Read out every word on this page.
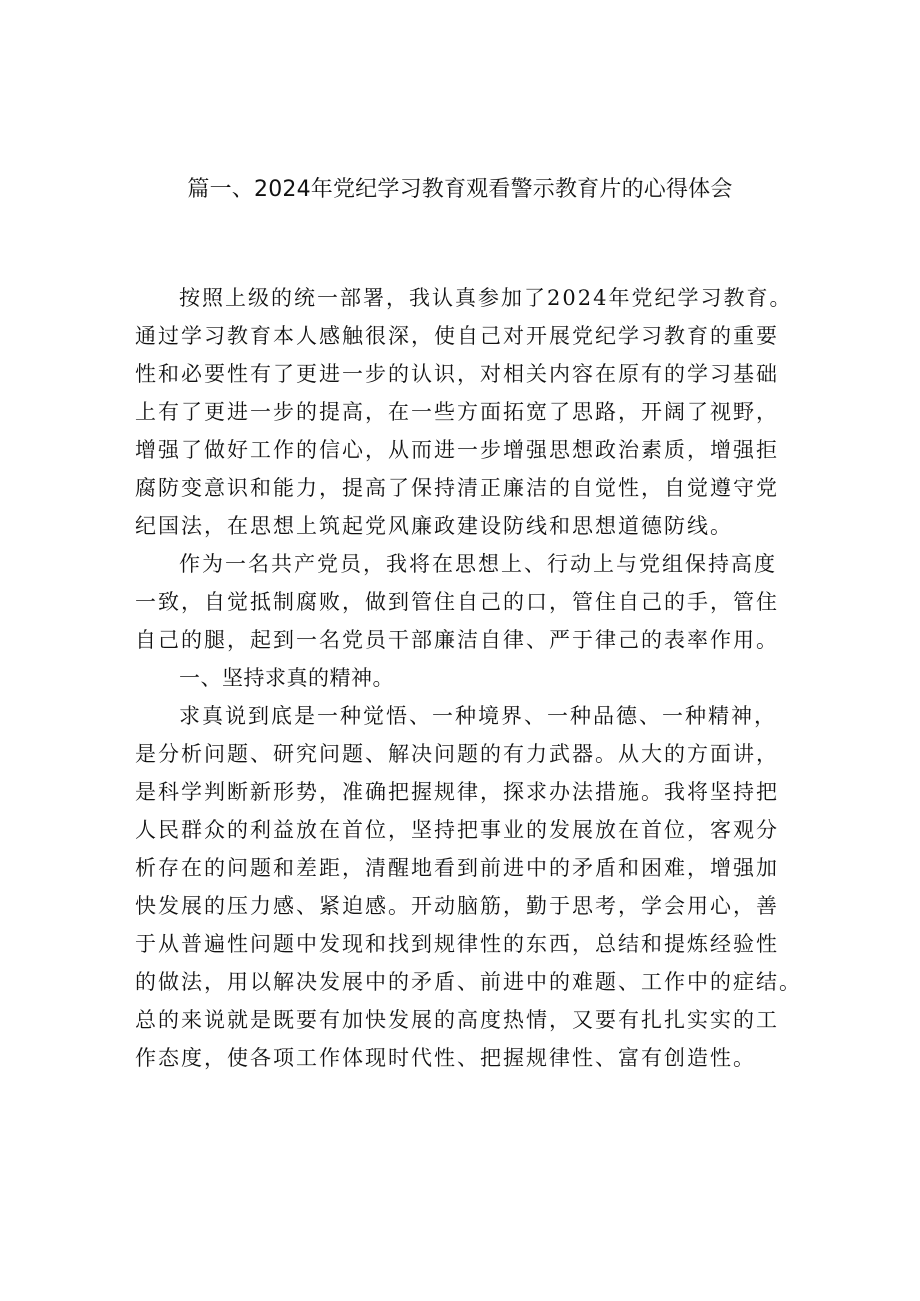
篇一、2024年党纪学习教育观看警示教育片的心得体会
按照上级的统一部署，我认真参加了2024年党纪学习教育。
通过学习教育本人感触很深，使自己对开展党纪学习教育的重要
性和必要性有了更进一步的认识，对相关内容在原有的学习基础
上有了更进一步的提高，在一些方面拓宽了思路，开阔了视野，
增强了做好工作的信心，从而进一步增强思想政治素质，增强拒
腐防变意识和能力，提高了保持清正廉洁的自觉性，自觉遵守党
纪国法，在思想上筑起党风廉政建设防线和思想道德防线。
作为一名共产党员，我将在思想上、行动上与党组保持高度
一致，自觉抵制腐败，做到管住自己的口，管住自己的手，管住
自己的腿，起到一名党员干部廉洁自律、严于律己的表率作用。
一、坚持求真的精神。
求真说到底是一种觉悟、一种境界、一种品德、一种精神，
是分析问题、研究问题、解决问题的有力武器。从大的方面讲，
是科学判断新形势，准确把握规律，探求办法措施。我将坚持把
人民群众的利益放在首位，坚持把事业的发展放在首位，客观分
析存在的问题和差距，清醒地看到前进中的矛盾和困难，增强加
快发展的压力感、紧迫感。开动脑筋，勤于思考，学会用心，善
于从普遍性问题中发现和找到规律性的东西，总结和提炼经验性
的做法，用以解决发展中的矛盾、前进中的难题、工作中的症结。
总的来说就是既要有加快发展的高度热情，又要有扎扎实实的工
作态度，使各项工作体现时代性、把握规律性、富有创造性。
